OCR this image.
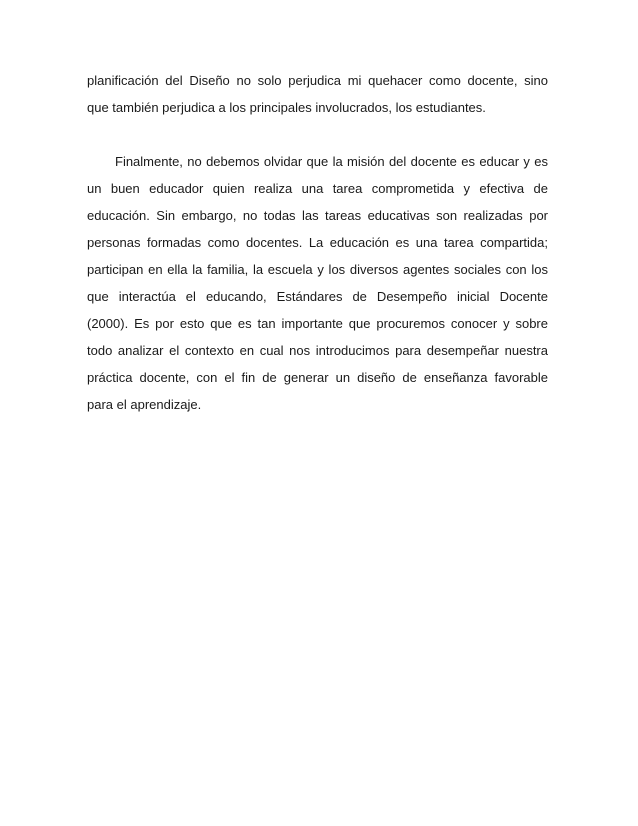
planificación del Diseño no solo perjudica mi quehacer como docente, sino
que también perjudica a los principales involucrados, los estudiantes.
Finalmente, no debemos olvidar que la misión del docente es educar y es
un buen educador quien realiza una tarea comprometida y efectiva de
educación. Sin embargo, no todas las tareas educativas son realizadas por
personas formadas como docentes. La educación es una tarea compartida;
participan en ella la familia, la escuela y los diversos agentes sociales con los
que interactúa el educando, Estándares de Desempeño inicial Docente
(2000). Es por esto que es tan importante que procuremos conocer y sobre
todo analizar el contexto en cual nos introducimos para desempeñar nuestra
práctica docente, con el fin de generar un diseño de enseñanza favorable
para el aprendizaje.
